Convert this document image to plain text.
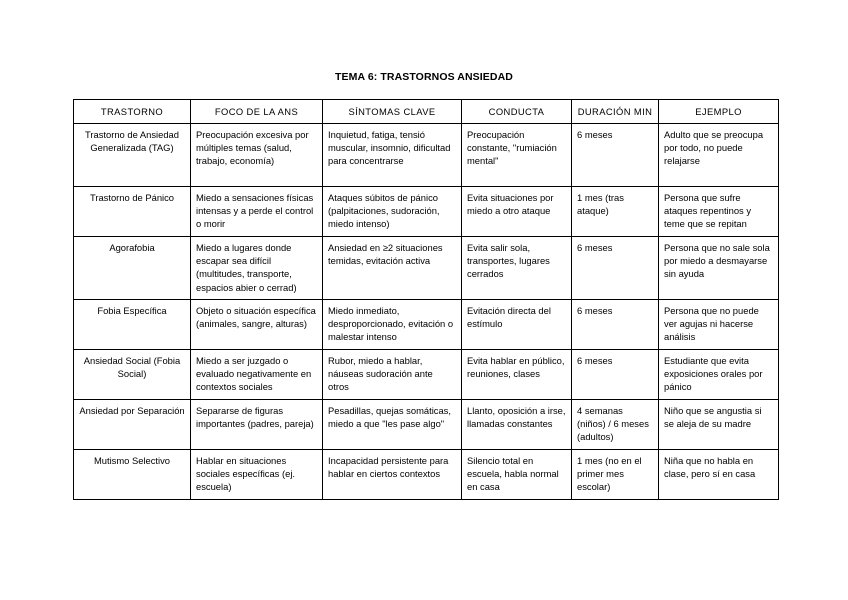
TEMA 6: TRASTORNOS ANSIEDAD
TRASTORNO	FOCO DE LA ANS	SÍNTOMAS CLAVE	CONDUCTA	DURACIÓN MIN	EJEMPLO
Trastorno de Ansiedad Generalizada (TAG)	Preocupación excesiva por múltiples temas (salud, trabajo, economía)	Inquietud, fatiga, tensió muscular, insomnio, dificultad para concentrarse	Preocupación constante, "rumiación mental"	6 meses	Adulto que se preocupa por todo, no puede relajarse
Trastorno de Pánico	Miedo a sensaciones físicas intensas y a perde el control o morir	Ataques súbitos de pánico (palpitaciones, sudoración, miedo intenso)	Evita situaciones por miedo a otro ataque	1 mes (tras ataque)	Persona que sufre ataques repentinos y teme que se repitan
Agorafobia	Miedo a lugares donde escapar sea difícil (multitudes, transporte, espacios abier o cerrad)	Ansiedad en ≥2 situaciones temidas, evitación activa	Evita salir sola, transportes, lugares cerrados	6 meses	Persona que no sale sola por miedo a desmayarse sin ayuda
Fobia Específica	Objeto o situación específica (animales, sangre, alturas)	Miedo inmediato, desproporcionado, evitación o malestar intenso	Evitación directa del estímulo	6 meses	Persona que no puede ver agujas ni hacerse análisis
Ansiedad Social (Fobia Social)	Miedo a ser juzgado o evaluado negativamente en contextos sociales	Rubor, miedo a hablar, náuseas sudoración ante otros	Evita hablar en público, reuniones, clases	6 meses	Estudiante que evita exposiciones orales por pánico
Ansiedad por Separación	Separarse de figuras importantes (padres, pareja)	Pesadillas, quejas somáticas, miedo a que "les pase algo"	Llanto, oposición a irse, llamadas constantes	4 semanas (niños) / 6 meses (adultos)	Niño que se angustia si se aleja de su madre
Mutismo Selectivo	Hablar en situaciones sociales específicas (ej. escuela)	Incapacidad persistente para hablar en ciertos contextos	Silencio total en escuela, habla normal en casa	1 mes (no en el primer mes escolar)	Niña que no habla en clase, pero sí en casa
